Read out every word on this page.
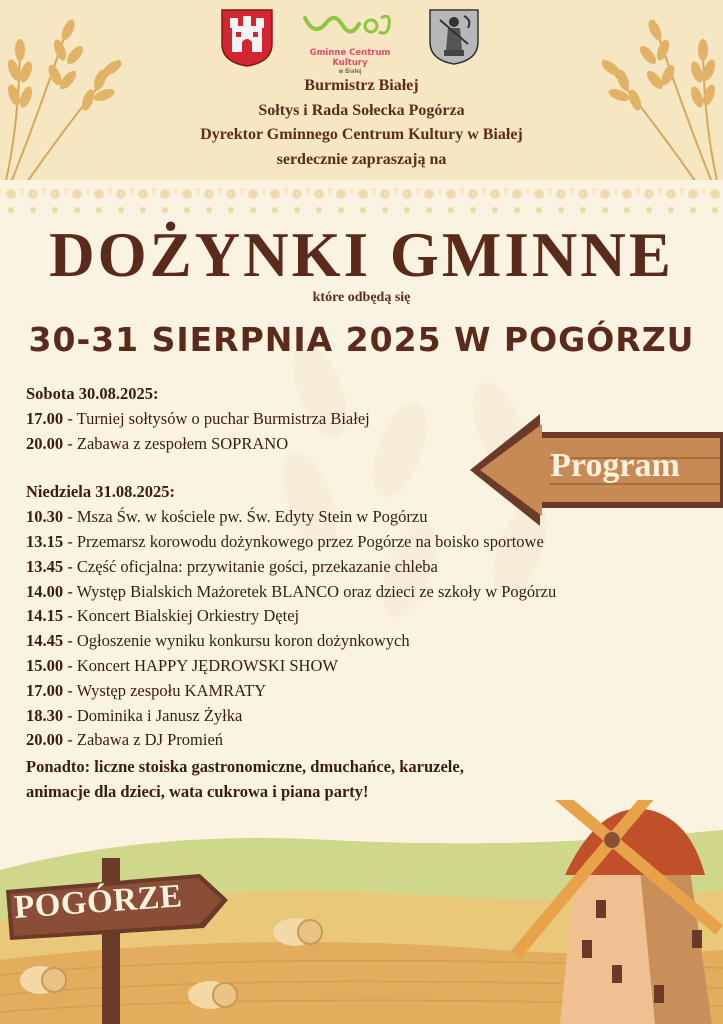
Gminne Centrum Kultury
w Białej
Burmistrz Białej
Sołtys i Rada Sołecka Pogórza
Dyrektor Gminnego Centrum Kultury w Białej
serdecznie zapraszają na
DOŻYNKI GMINNE
które odbędą się
30-31 SIERPNIA 2025 W POGÓRZU
Program
Sobota 30.08.2025:
17.00 - Turniej sołtysów o puchar Burmistrza Białej
20.00 - Zabawa z zespołem SOPRANO
Niedziela 31.08.2025:
10.30 - Msza Św. w kościele pw. Św. Edyty Stein w Pogórzu
13.15 - Przemarsz korowodu dożynkowego przez Pogórze na boisko sportowe
13.45 - Część oficjalna: przywitanie gości, przekazanie chleba
14.00 - Występ Bialskich Mażoretek BLANCO oraz dzieci ze szkoły w Pogórzu
14.15 - Koncert Bialskiej Orkiestry Dętej
14.45 - Ogłoszenie wyniku konkursu koron dożynkowych
15.00 - Koncert HAPPY JĘDROWSKI SHOW
17.00 - Występ zespołu KAMRATY
18.30 - Dominika i Janusz Żyłka
20.00 - Zabawa z DJ Promień
Ponadto: liczne stoiska gastronomiczne, dmuchańce, karuzele,
animacje dla dzieci, wata cukrowa i piana party!
POGÓRZE
